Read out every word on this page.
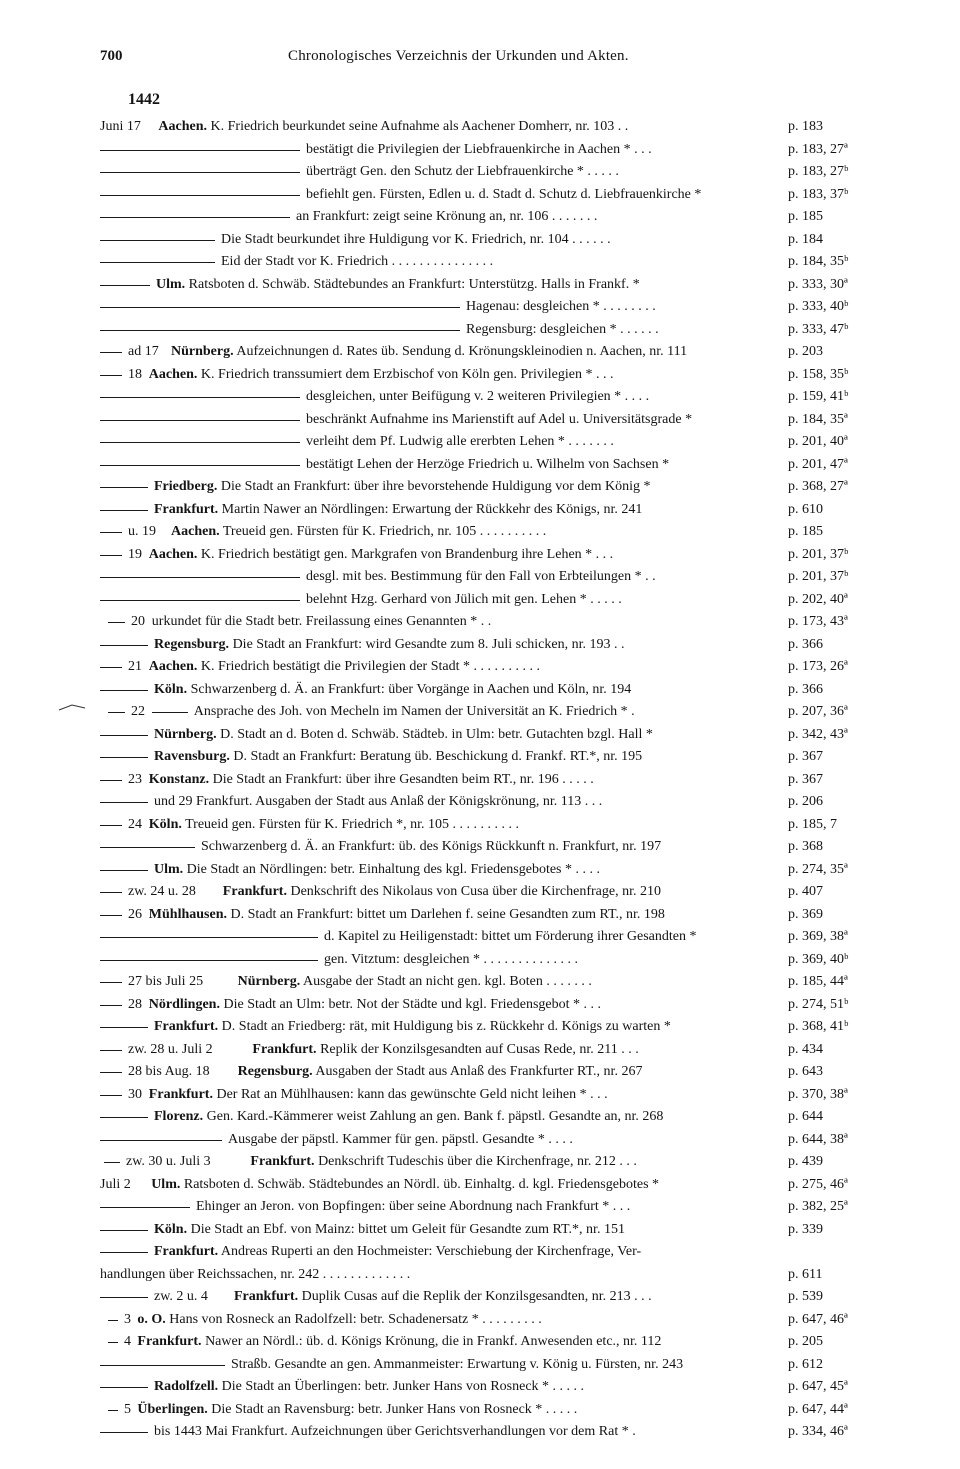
700	Chronologisches Verzeichnis der Urkunden und Akten.
1442
Juni 17 Aachen. K. Friedrich beurkundet seine Aufnahme als Aachener Domherr, nr. 103 . .	p. 183
bestätigt die Privilegien der Liebfrauenkirche in Aachen * . . .	p. 183, 27ª
überträgt Gen. den Schutz der Liebfrauenkirche * . . . . .	p. 183, 27ᵇ
befiehlt gen. Fürsten, Edlen u. d. Stadt d. Schutz d. Liebfrauenkirche *	p. 183, 37ᵇ
an Frankfurt: zeigt seine Krönung an, nr. 106 . . . . . . .	p. 185
Die Stadt beurkundet ihre Huldigung vor K. Friedrich, nr. 104 . . . . . .	p. 184
Eid der Stadt vor K. Friedrich . . . . . . . . . . . . . . .	p. 184, 35ᵇ
Ulm. Ratsboten d. Schwäb. Städtebundes an Frankfurt: Unterstützg. Halls in Frankf. *	p. 333, 30ª
Hagenau: desgleichen * . . . . . . . .	p. 333, 40ᵇ
Regensburg: desgleichen * . . . . . .	p. 333, 47ᵇ
ad 17 Nürnberg. Aufzeichnungen d. Rates üb. Sendung d. Krönungskleinodien n. Aachen, nr. 111	p. 203
18 Aachen. K. Friedrich transsumiert dem Erzbischof von Köln gen. Privilegien * . . .	p. 158, 35ᵇ
desgleichen, unter Beifügung v. 2 weiteren Privilegien * . . . .	p. 159, 41ᵇ
beschränkt Aufnahme ins Marienstift auf Adel u. Universitätsgrade *	p. 184, 35ª
verleiht dem Pf. Ludwig alle ererbten Lehen * . . . . . . .	p. 201, 40ª
bestätigt Lehen der Herzöge Friedrich u. Wilhelm von Sachsen *	p. 201, 47ª
Friedberg. Die Stadt an Frankfurt: über ihre bevorstehende Huldigung vor dem König *	p. 368, 27ª
Frankfurt. Martin Nawer an Nördlingen: Erwartung der Rückkehr des Königs, nr. 241	p. 610
u. 19 Aachen. Treueid gen. Fürsten für K. Friedrich, nr. 105 . . . . . . . . . .	p. 185
19 Aachen. K. Friedrich bestätigt gen. Markgrafen von Brandenburg ihre Lehen * . . .	p. 201, 37ᵇ
desgl. mit bes. Bestimmung für den Fall von Erbteilungen * . .	p. 201, 37ᵇ
belehnt Hzg. Gerhard von Jülich mit gen. Lehen * . . . . .	p. 202, 40ª
20 urkundet für die Stadt betr. Freilassung eines Genannten * . .	p. 173, 43ª
Regensburg. Die Stadt an Frankfurt: wird Gesandte zum 8. Juli schicken, nr. 193 . .	p. 366
21 Aachen. K. Friedrich bestätigt die Privilegien der Stadt * . . . . . . . . . .	p. 173, 26ª
Köln. Schwarzenberg d. Ä. an Frankfurt: über Vorgänge in Aachen und Köln, nr. 194	p. 366
22	Ansprache des Joh. von Mecheln im Namen der Universität an K. Friedrich * .	p. 207, 36ª
Nürnberg. D. Stadt an d. Boten d. Schwäb. Städteb. in Ulm: betr. Gutachten bzgl. Hall *	p. 342, 43ª
Ravensburg. D. Stadt an Frankfurt: Beratung üb. Beschickung d. Frankf. RT.*, nr. 195	p. 367
23 Konstanz. Die Stadt an Frankfurt: über ihre Gesandten beim RT., nr. 196 . . . . .	p. 367
und 29 Frankfurt. Ausgaben der Stadt aus Anlaß der Königskrönung, nr. 113 . . .	p. 206
24 Köln. Treueid gen. Fürsten für K. Friedrich *, nr. 105 . . . . . . . . . .	p. 185, 7
Schwarzenberg d. Ä. an Frankfurt: üb. des Königs Rückkunft n. Frankfurt, nr. 197	p. 368
Ulm. Die Stadt an Nördlingen: betr. Einhaltung des kgl. Friedensgebotes * . . . .	p. 274, 35ª
zw. 24 u. 28 Frankfurt. Denkschrift des Nikolaus von Cusa über die Kirchenfrage, nr. 210	p. 407
26 Mühlhausen. D. Stadt an Frankfurt: bittet um Darlehen f. seine Gesandten zum RT., nr. 198	p. 369
d. Kapitel zu Heiligenstadt: bittet um Förderung ihrer Gesandten *	p. 369, 38ª
gen. Vitztum: desgleichen * . . . . . . . . . . . . . .	p. 369, 40ᵇ
27 bis Juli 25 Nürnberg. Ausgabe der Stadt an nicht gen. kgl. Boten . . . . . . .	p. 185, 44ª
28 Nördlingen. Die Stadt an Ulm: betr. Not der Städte und kgl. Friedensgebot * . . .	p. 274, 51ᵇ
Frankfurt. D. Stadt an Friedberg: rät, mit Huldigung bis z. Rückkehr d. Königs zu warten *	p. 368, 41ᵇ
zw. 28 u. Juli 2	Frankfurt. Replik der Konzilsgesandten auf Cusas Rede, nr. 211 . . .	p. 434
28 bis Aug. 18 Regensburg. Ausgaben der Stadt aus Anlaß des Frankfurter RT., nr. 267	p. 643
30 Frankfurt. Der Rat an Mühlhausen: kann das gewünschte Geld nicht leihen * . . .	p. 370, 38ª
Florenz. Gen. Kard.-Kämmerer weist Zahlung an gen. Bank f. päpstl. Gesandte an, nr. 268	p. 644
Ausgabe der päpstl. Kammer für gen. päpstl. Gesandte * . . . .	p. 644, 38ª
zw. 30 u. Juli 3	Frankfurt. Denkschrift Tudeschis über die Kirchenfrage, nr. 212 . . .	p. 439
Juli 2 Ulm. Ratsboten d. Schwäb. Städtebundes an Nördl. üb. Einhaltg. d. kgl. Friedensgebotes *	p. 275, 46ª
Ehinger an Jeron. von Bopfingen: über seine Abordnung nach Frankfurt * . . .	p. 382, 25ª
Köln. Die Stadt an Ebf. von Mainz: bittet um Geleit für Gesandte zum RT.*, nr. 151	p. 339
Frankfurt. Andreas Ruperti an den Hochmeister: Verschiebung der Kirchenfrage, Ver-
handlungen über Reichssachen, nr. 242 . . . . . . . . . . . . .	p. 611
zw. 2 u. 4 Frankfurt. Duplik Cusas auf die Replik der Konzilsgesandten, nr. 213 . . .	p. 539
3 o. O. Hans von Rosneck an Radolfzell: betr. Schadenersatz * . . . . . . . . .	p. 647, 46ª
4 Frankfurt. Nawer an Nördl.: üb. d. Königs Krönung, die in Frankf. Anwesenden etc., nr. 112	p. 205
Straßb. Gesandte an gen. Ammanmeister: Erwartung v. König u. Fürsten, nr. 243	p. 612
Radolfzell. Die Stadt an Überlingen: betr. Junker Hans von Rosneck * . . . . .	p. 647, 45ª
5 Überlingen. Die Stadt an Ravensburg: betr. Junker Hans von Rosneck * . . . . .	p. 647, 44ª
bis 1443 Mai Frankfurt. Aufzeichnungen über Gerichtsverhandlungen vor dem Rat * .	p. 334, 46ª
